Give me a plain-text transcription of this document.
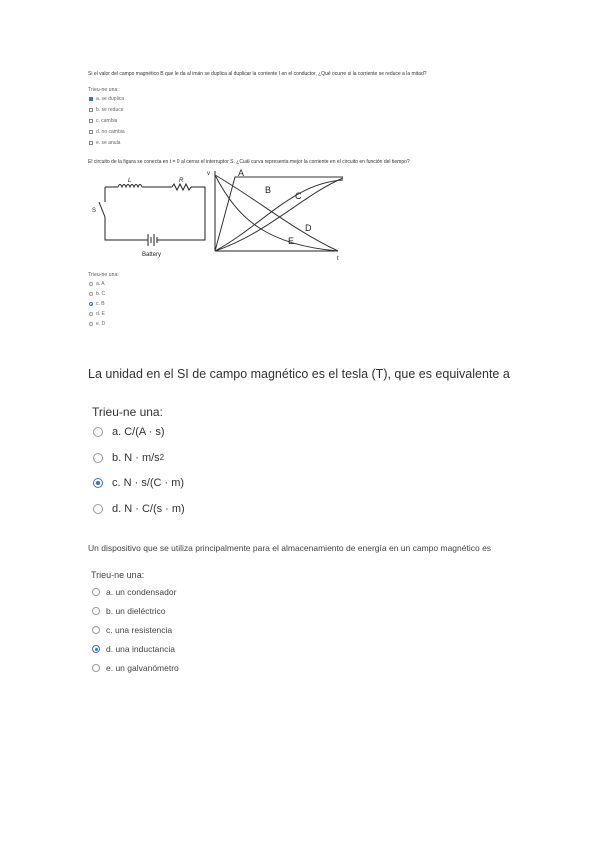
Si el valor del campo magnético B que le da al imán se duplica al duplicar la corriente I en el conductor, ¿Qué ocurre si la corriente se reduce a la mitad?
Trieu-ne una:
a. se duplica
b. se reduce
c. cambia
d. no cambia
e. se anula
El circuito de la figura se conecta en t = 0 al cerrar el interruptor S. ¿Cuál curva representa mejor la corriente en el circuito en función del tiempo?
L	R
S
Battery
v
t
A
B
C
D
E
Trieu-ne una:
a. A
b. C
c. B
d. E
e. D
La unidad en el SI de campo magnético es el tesla (T), que es equivalente a
Trieu-ne una:
a. C/(A · s)
b. N · m/s 2
c. N · s/(C · m)
d. N · C/(s · m)
Un dispositivo que se utiliza principalmente para el almacenamiento de energía en un campo magnético es
Trieu-ne una:
a. un condensador
b. un dieléctrico
c. una resistencia
d. una inductancia
e. un galvanómetro
